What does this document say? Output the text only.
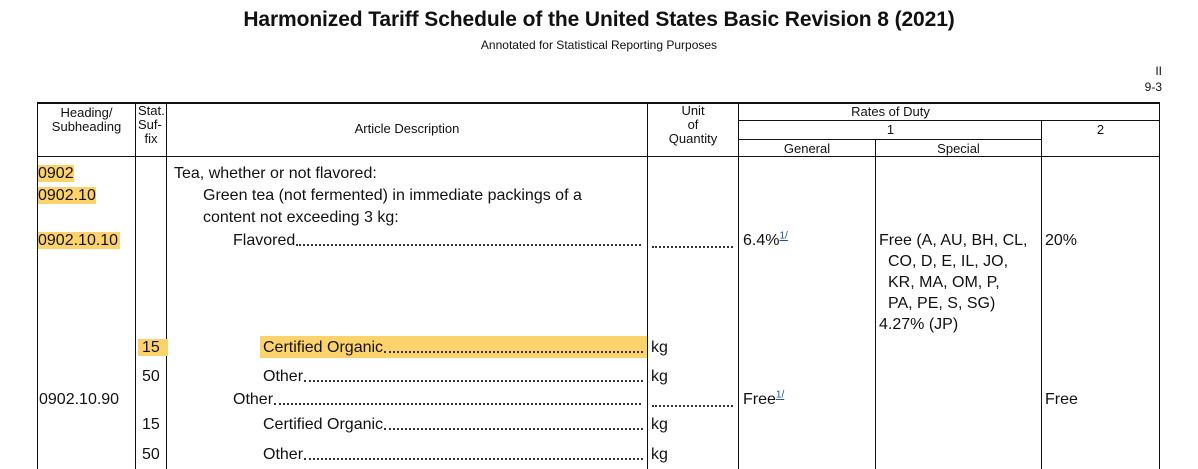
Harmonized Tariff Schedule of the United States Basic Revision 8 (2021)
Annotated for Statistical Reporting Purposes
II
9-3
Heading/
Subheading
Stat.
Suf-
fix
Article Description
Unit
of
Quantity
Rates of Duty
1	2
General	Special
0902
0902.10
0902.10.10
0902.10.90
15
50
15
50
Tea, whether or not flavored:
Green tea (not fermented) in immediate packings of a
content not exceeding 3 kg:
Flavored
Certified Organic
Other
Other
Certified Organic
Other
kg
kg
kg
kg
6.4%$^{1/}$
Free$^{1/}$
Free (A, AU, BH, CL,
CO, D, E, IL, JO,
KR, MA, OM, P,
PA, PE, S, SG)
4.27% (JP)
20%
Free
